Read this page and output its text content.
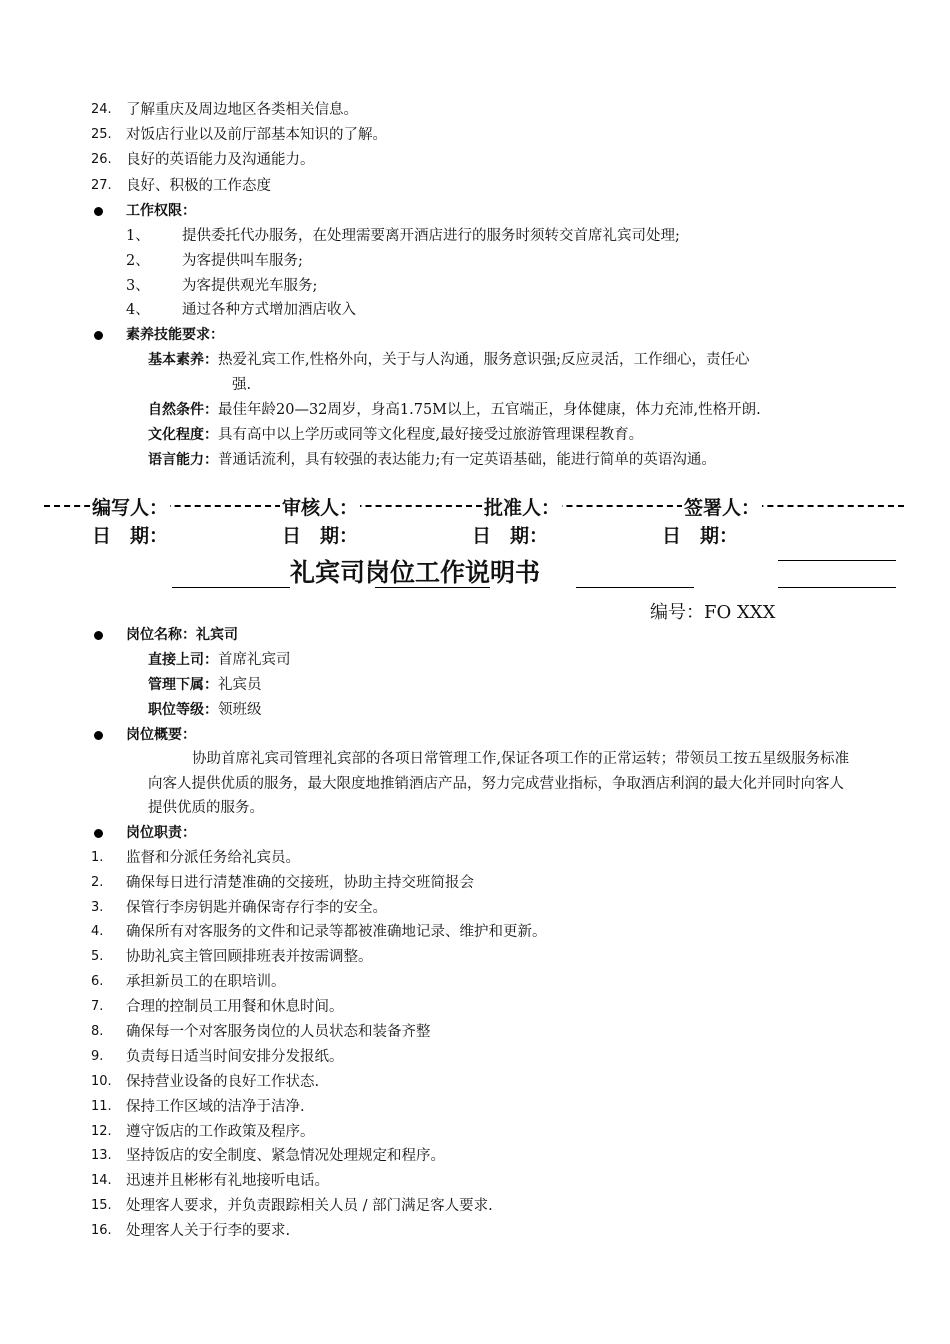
24. 了解重庆及周边地区各类相关信息。
25. 对饭店行业以及前厅部基本知识的了解。
26. 良好的英语能力及沟通能力。
27. 良好、积极的工作态度
工作权限：
1、 提供委托代办服务，在处理需要离开酒店进行的服务时须转交首席礼宾司处理;
2、 为客提供叫车服务;
3、 为客提供观光车服务;
4、 通过各种方式增加酒店收入
素养技能要求：
基本素养：热爱礼宾工作,性格外向，关于与人沟通，服务意识强;反应灵活，工作细心，责任心
强.
自然条件：最佳年龄20—32周岁，身高1.75M以上，五官端正，身体健康，体力充沛,性格开朗.
文化程度：具有高中以上学历或同等文化程度,最好接受过旅游管理课程教育。
语言能力：普通话流利，具有较强的表达能力;有一定英语基础，能进行简单的英语沟通。
编写人：	审核人：	批准人：	签署人：
日　期：	日　期：	日　期：	日　期：
礼宾司岗位工作说明书
编号：FO XXX
岗位名称：礼宾司
直接上司：首席礼宾司
管理下属：礼宾员
职位等级：领班级
岗位概要：
协助首席礼宾司管理礼宾部的各项日常管理工作,保证各项工作的正常运转；带领员工按五星级服务标准向客人提供优质的服务，最大限度地推销酒店产品，努力完成营业指标，争取酒店利润的最大化并同时向客人提供优质的服务。
岗位职责：
1.	监督和分派任务给礼宾员。
2.	确保每日进行清楚准确的交接班，协助主持交班简报会
3.	保管行李房钥匙并确保寄存行李的安全。
4.	确保所有对客服务的文件和记录等都被准确地记录、维护和更新。
5.	协助礼宾主管回顾排班表并按需调整。
6.	承担新员工的在职培训。
7.	合理的控制员工用餐和休息时间。
8.	确保每一个对客服务岗位的人员状态和装备齐整
9.	负责每日适当时间安排分发报纸。
10. 保持营业设备的良好工作状态.
11. 保持工作区域的洁净于洁净.
12. 遵守饭店的工作政策及程序。
13. 坚持饭店的安全制度、紧急情况处理规定和程序。
14. 迅速并且彬彬有礼地接听电话。
15. 处理客人要求，并负责跟踪相关人员 / 部门满足客人要求.
16. 处理客人关于行李的要求.
